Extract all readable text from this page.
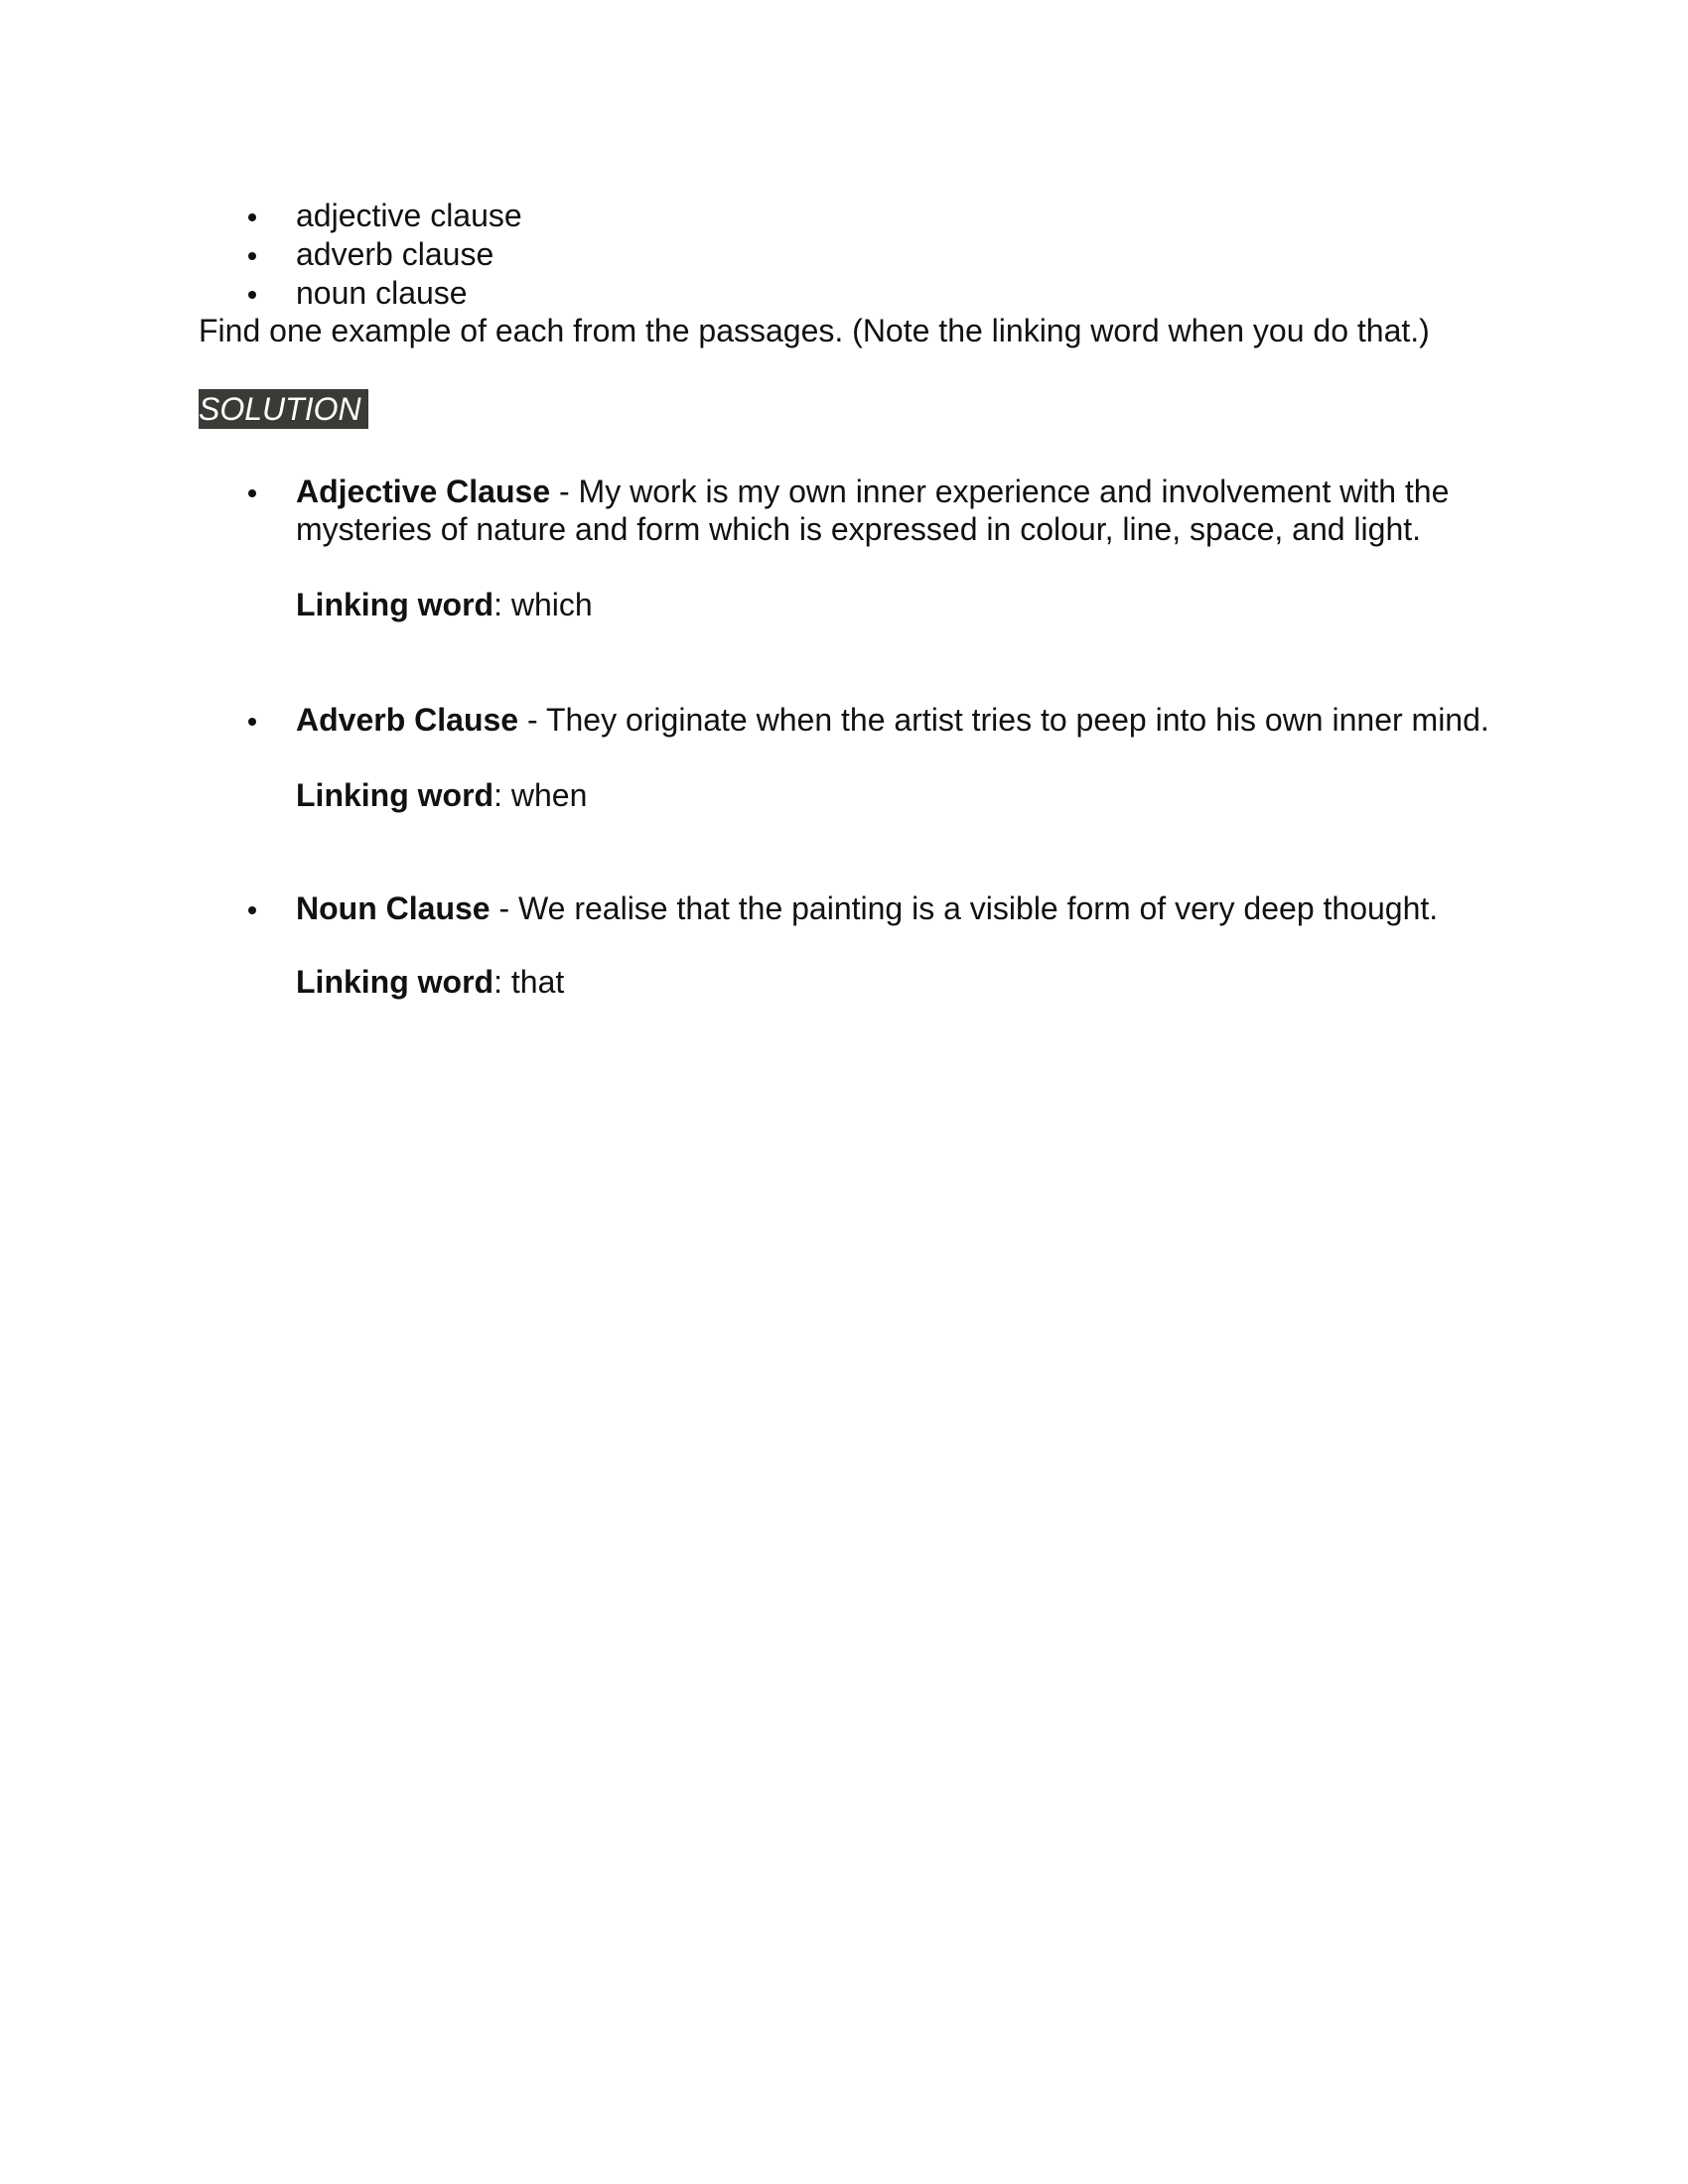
adjective clause
adverb clause
noun clause
Find one example of each from the passages. (Note the linking word when you do that.)
SOLUTION
Adjective Clause - My work is my own inner experience and involvement with the mysteries of nature and form which is expressed in colour, line, space, and light.
Linking word: which
Adverb Clause - They originate when the artist tries to peep into his own inner mind.
Linking word: when
Noun Clause - We realise that the painting is a visible form of very deep thought.
Linking word: that
